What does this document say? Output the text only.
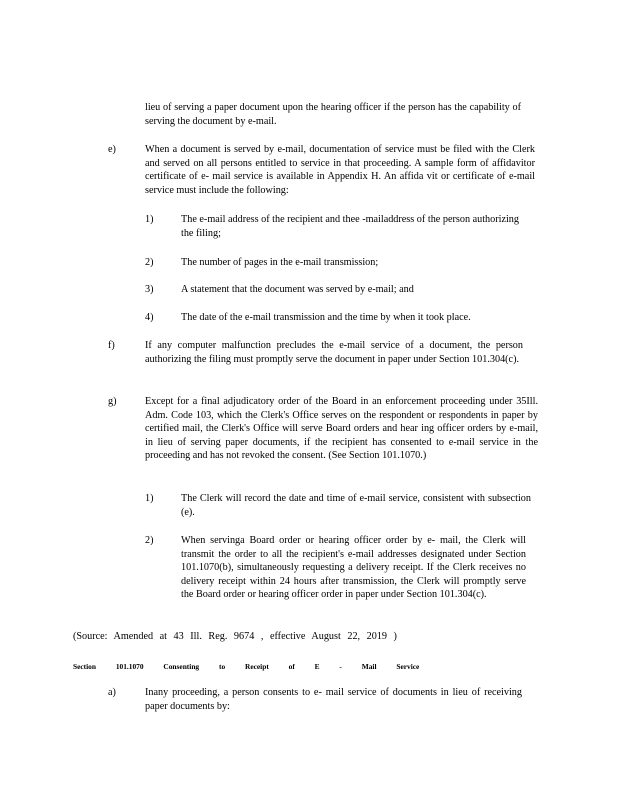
lieu of serving a paper document upon the hearing officer if the person has the capability of serving the document by e-mail.

e)	When a document is served by e-mail, documentation of service must be filed with the Clerk and served on all persons entitled to service in that proceeding. A sample form of affidavitor certificate of e- mail service is available in Appendix H. An affida vit or certificate of e-mail service must include the following:

1)	The e-mail address of the recipient and thee -mailaddress of the person authorizing the filing;

2)	The number of pages in the e-mail transmission;

3)	A statement that the document was served by e-mail; and

4)	The date of the e-mail transmission and the time by when it took place.

f)	If any computer malfunction precludes the e-mail service of a document, the person authorizing the filing must promptly serve the document in paper under Section 101.304(c).

g)	Except for a final adjudicatory order of the Board in an enforcement proceeding under 35Ill. Adm. Code 103, which the Clerk's Office serves on the respondent or respondents in paper by certified mail, the Clerk's Office will serve Board orders and hear ing officer orders by e-mail, in lieu of serving paper documents, if the recipient has consented to e-mail service in the proceeding and has not revoked the consent. (See Section 101.1070.)

1)	The Clerk will record the date and time of e-mail service, consistent with subsection (e).

2)	When servinga Board order or hearing officer order by e- mail, the Clerk will transmit the order to all the recipient's e-mail addresses designated under Section 101.1070(b), simultaneously requesting a delivery receipt. If the Clerk receives no delivery receipt within 24 hours after transmission, the Clerk will promptly serve the Board order or hearing officer order in paper under Section 101.304(c).

(Source: Amended at 43 Ill. Reg. 9674 , effective August 22, 2019 )

Section 101.1070 Consenting to Receipt of E - Mail Service

a)	Inany proceeding, a person consents to e- mail service of documents in lieu of receiving paper documents by:
